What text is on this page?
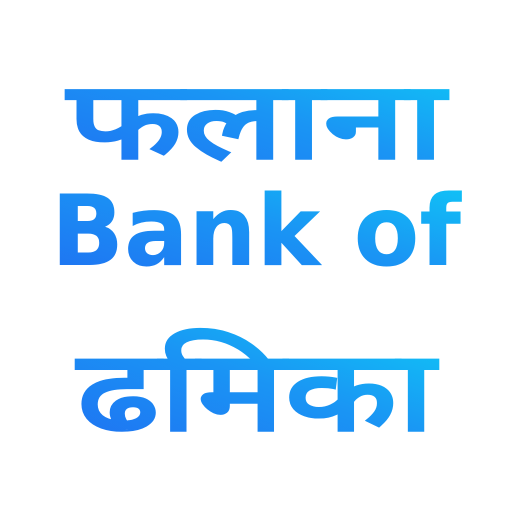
फलाना
Bank of
ढमिका
